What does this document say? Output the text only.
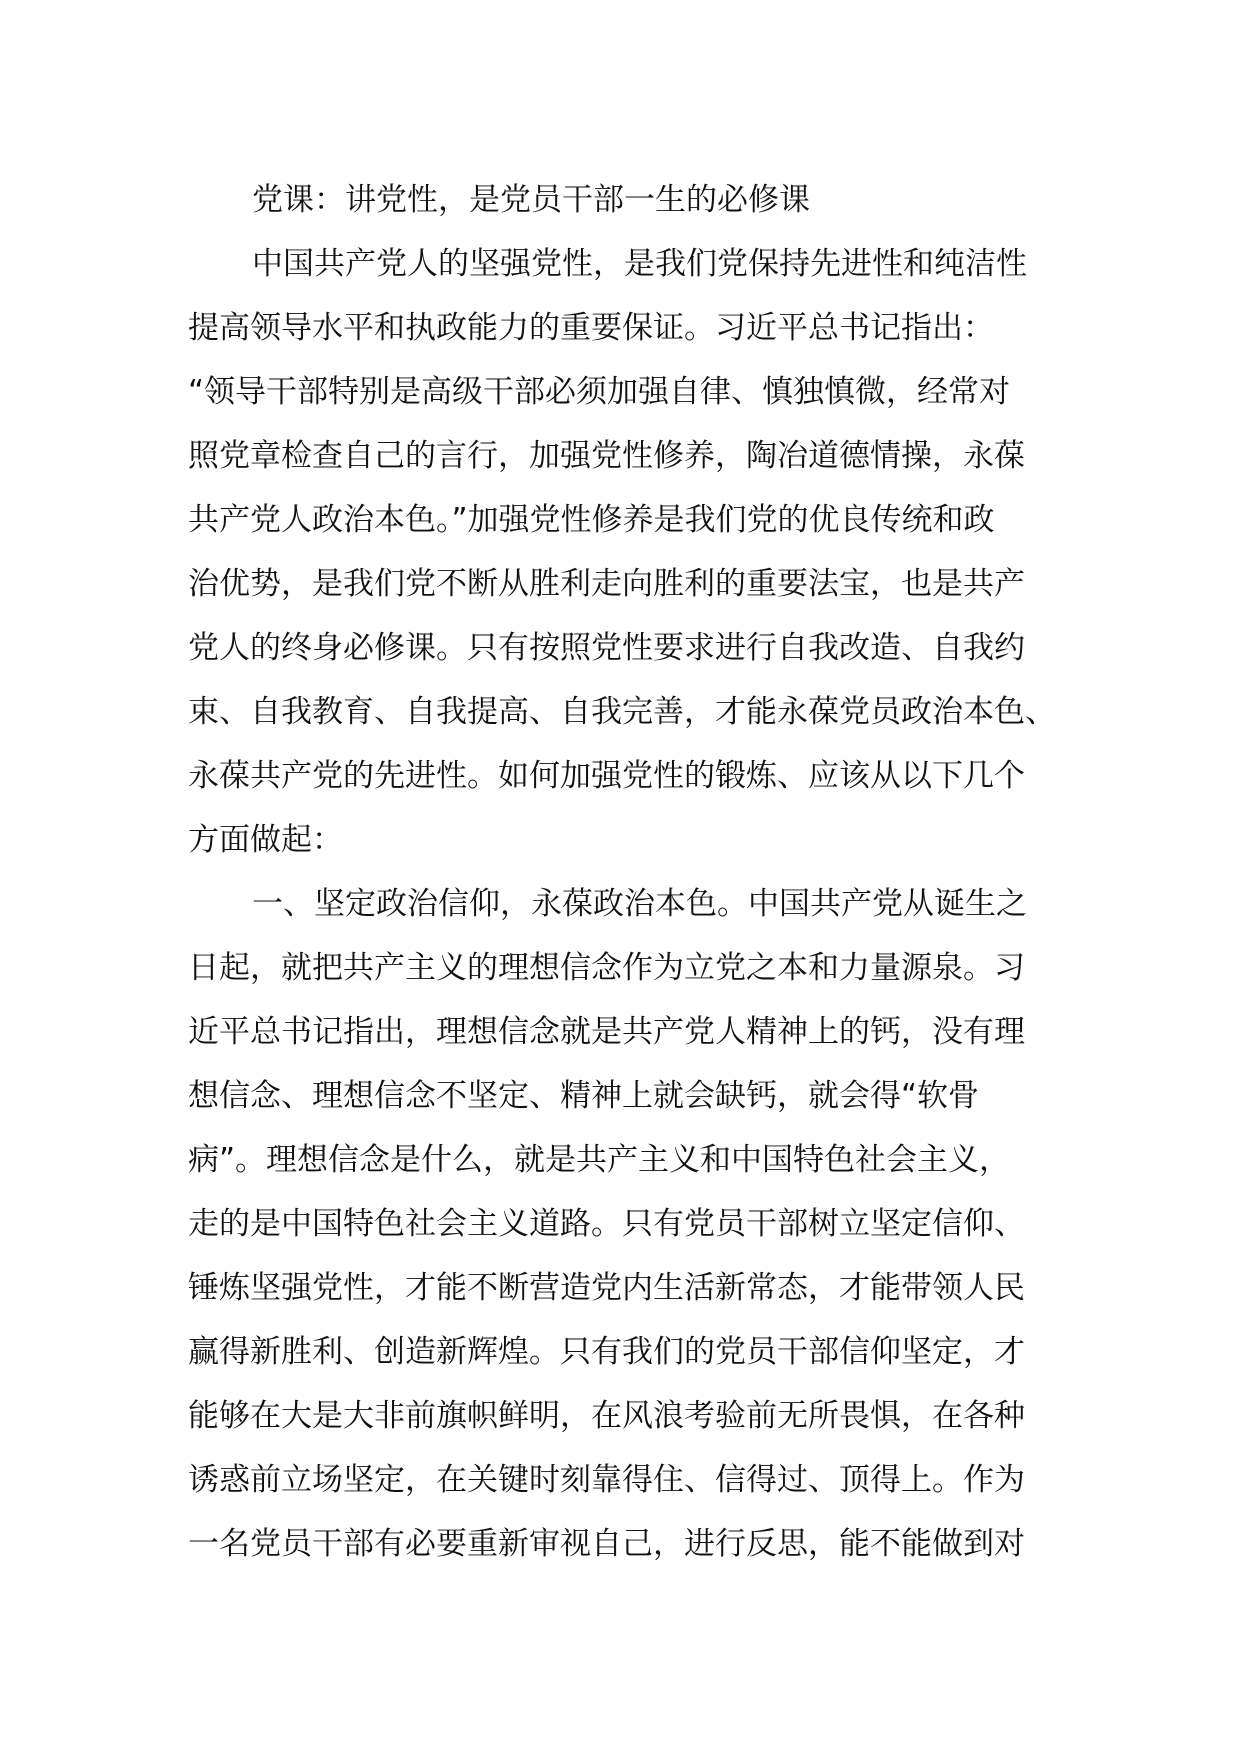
党课：讲党性，是党员干部一生的必修课
中国共产党人的坚强党性，是我们党保持先进性和纯洁性
提高领导水平和执政能力的重要保证。习近平总书记指出：
“领导干部特别是高级干部必须加强自律、慎独慎微，经常对
照党章检查自己的言行，加强党性修养，陶冶道德情操，永葆
共产党人政治本色。”加强党性修养是我们党的优良传统和政
治优势，是我们党不断从胜利走向胜利的重要法宝，也是共产
党人的终身必修课。只有按照党性要求进行自我改造、自我约
束、自我教育、自我提高、自我完善，才能永葆党员政治本色、
永葆共产党的先进性。如何加强党性的锻炼、应该从以下几个
方面做起：
一、坚定政治信仰，永葆政治本色。中国共产党从诞生之
日起，就把共产主义的理想信念作为立党之本和力量源泉。习
近平总书记指出，理想信念就是共产党人精神上的钙，没有理
想信念、理想信念不坚定、精神上就会缺钙，就会得“软骨
病”。理想信念是什么，就是共产主义和中国特色社会主义，
走的是中国特色社会主义道路。只有党员干部树立坚定信仰、
锤炼坚强党性，才能不断营造党内生活新常态，才能带领人民
赢得新胜利、创造新辉煌。只有我们的党员干部信仰坚定，才
能够在大是大非前旗帜鲜明，在风浪考验前无所畏惧，在各种
诱惑前立场坚定，在关键时刻靠得住、信得过、顶得上。作为
一名党员干部有必要重新审视自己，进行反思，能不能做到对
